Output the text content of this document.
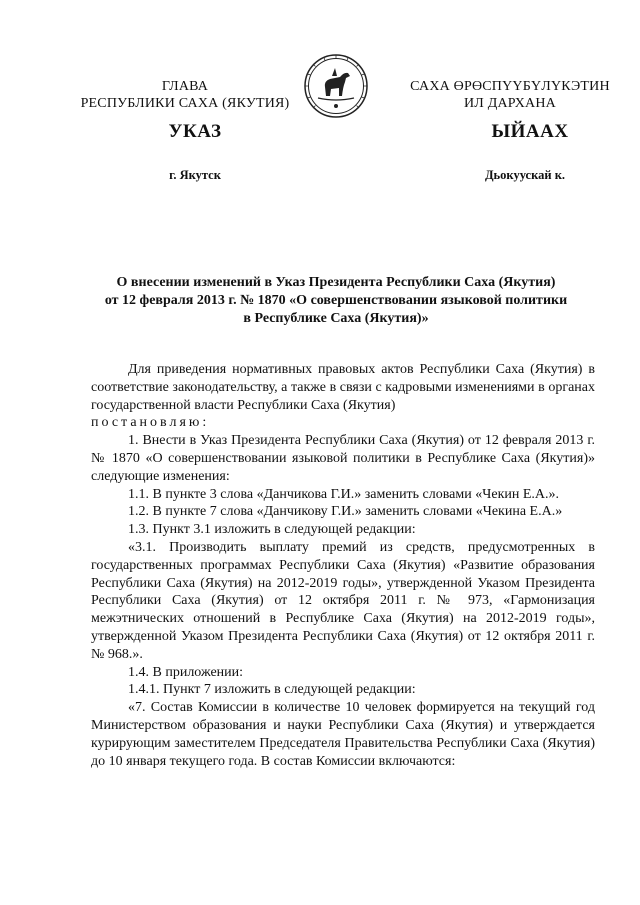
ГЛАВА
РЕСПУБЛИКИ САХА (ЯКУТИЯ)
САХА ӨРӨСПҮҮБҮЛҮКЭТИН
ИЛ ДАРХАНА
УКАЗ	ЫЙААХ
г. Якутск	Дьокуускай к.
О внесении изменений в Указ Президента Республики Саха (Якутия)
от 12 февраля 2013 г. № 1870 «О совершенствовании языковой политики
в Республике Саха (Якутия)»

Для приведения нормативных правовых актов Республики Саха (Якутия) в соответствие законодательству, а также в связи с кадровыми изменениями в органах государственной власти Республики Саха (Якутия)

постановляю:

1. Внести в Указ Президента Республики Саха (Якутия) от 12 февраля 2013 г. № 1870 «О совершенствовании языковой политики в Республике Саха (Якутия)» следующие изменения:

1.1. В пункте 3 слова «Данчикова Г.И.» заменить словами «Чекин Е.А.».

1.2. В пункте 7 слова «Данчикову Г.И.» заменить словами «Чекина Е.А.»

1.3. Пункт 3.1 изложить в следующей редакции:

«3.1. Производить выплату премий из средств, предусмотренных в государственных программах Республики Саха (Якутия) «Развитие образования Республики Саха (Якутия) на 2012-2019 годы», утвержденной Указом Президента Республики Саха (Якутия) от 12 октября 2011 г. № 973, «Гармонизация межэтнических отношений в Республике Саха (Якутия) на 2012-2019 годы», утвержденной Указом Президента Республики Саха (Якутия) от 12 октября 2011 г. № 968.».

1.4. В приложении:

1.4.1. Пункт 7 изложить в следующей редакции:

«7. Состав Комиссии в количестве 10 человек формируется на текущий год Министерством образования и науки Республики Саха (Якутия) и утверждается курирующим заместителем Председателя Правительства Республики Саха (Якутия) до 10 января текущего года. В состав Комиссии включаются:
